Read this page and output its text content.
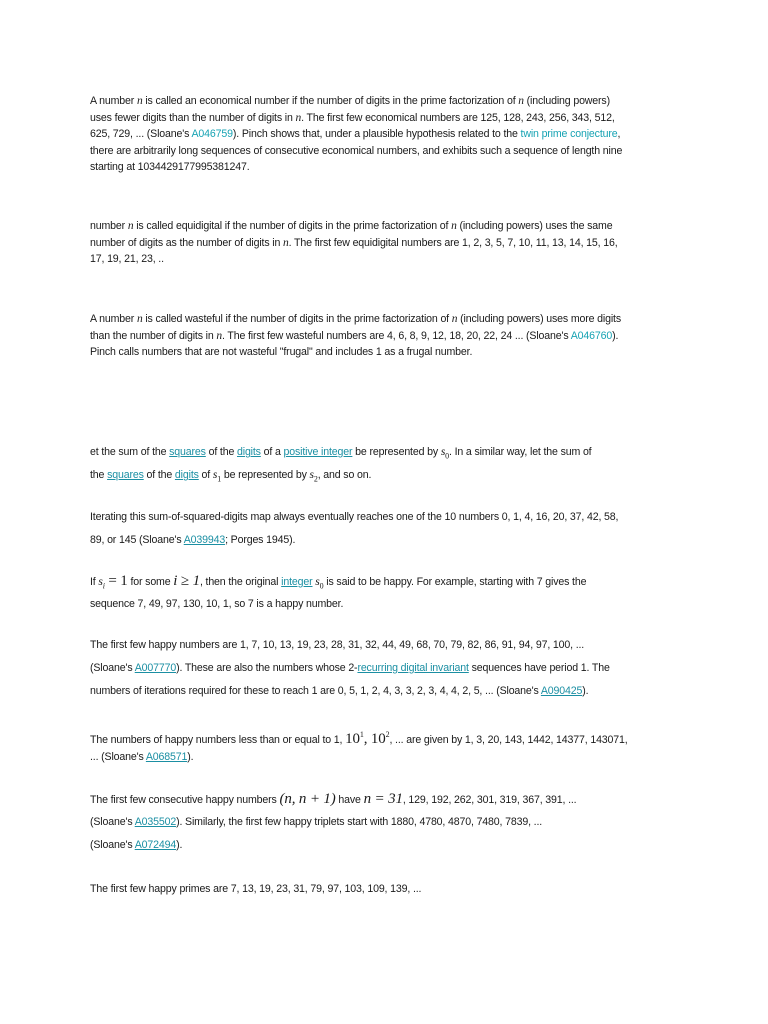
A number n is called an economical number if the number of digits in the prime factorization of n (including powers)
uses fewer digits than the number of digits in n. The first few economical numbers are 125, 128, 243, 256, 343, 512,
625, 729, ... (Sloane's A046759). Pinch shows that, under a plausible hypothesis related to the twin prime conjecture,
there are arbitrarily long sequences of consecutive economical numbers, and exhibits such a sequence of length nine
starting at 1034429177995381247.
number n is called equidigital if the number of digits in the prime factorization of n (including powers) uses the same
number of digits as the number of digits in n. The first few equidigital numbers are 1, 2, 3, 5, 7, 10, 11, 13, 14, 15, 16,
17, 19, 21, 23, ..
A number n is called wasteful if the number of digits in the prime factorization of n (including powers) uses more digits
than the number of digits in n. The first few wasteful numbers are 4, 6, 8, 9, 12, 18, 20, 22, 24 ... (Sloane's A046760).
Pinch calls numbers that are not wasteful "frugal" and includes 1 as a frugal number.
et the sum of the squares of the digits of a positive integer be represented by $s_0$. In a similar way, let the sum of
the squares of the digits of $s_1$ be represented by $s_2$, and so on.
Iterating this sum-of-squared-digits map always eventually reaches one of the 10 numbers 0, 1, 4, 16, 20, 37, 42, 58,
89, or 145 (Sloane's A039943; Porges 1945).
If $s_i = 1$ for some i ≥ 1, then the original integer $s_0$ is said to be happy. For example, starting with 7 gives the
sequence 7, 49, 97, 130, 10, 1, so 7 is a happy number.
The first few happy numbers are 1, 7, 10, 13, 19, 23, 28, 31, 32, 44, 49, 68, 70, 79, 82, 86, 91, 94, 97, 100, ...
(Sloane's A007770). These are also the numbers whose 2-recurring digital invariant sequences have period 1. The
numbers of iterations required for these to reach 1 are 0, 5, 1, 2, 4, 3, 3, 2, 3, 4, 4, 2, 5, ... (Sloane's A090425).
The numbers of happy numbers less than or equal to 1, $10^1$, $10^2$, ... are given by 1, 3, 20, 143, 1442, 14377, 143071,
... (Sloane's A068571).
The first few consecutive happy numbers (n, n + 1) have n = 31, 129, 192, 262, 301, 319, 367, 391, ...
(Sloane's A035502). Similarly, the first few happy triplets start with 1880, 4780, 4870, 7480, 7839, ...
(Sloane's A072494).
The first few happy primes are 7, 13, 19, 23, 31, 79, 97, 103, 109, 139, ...
